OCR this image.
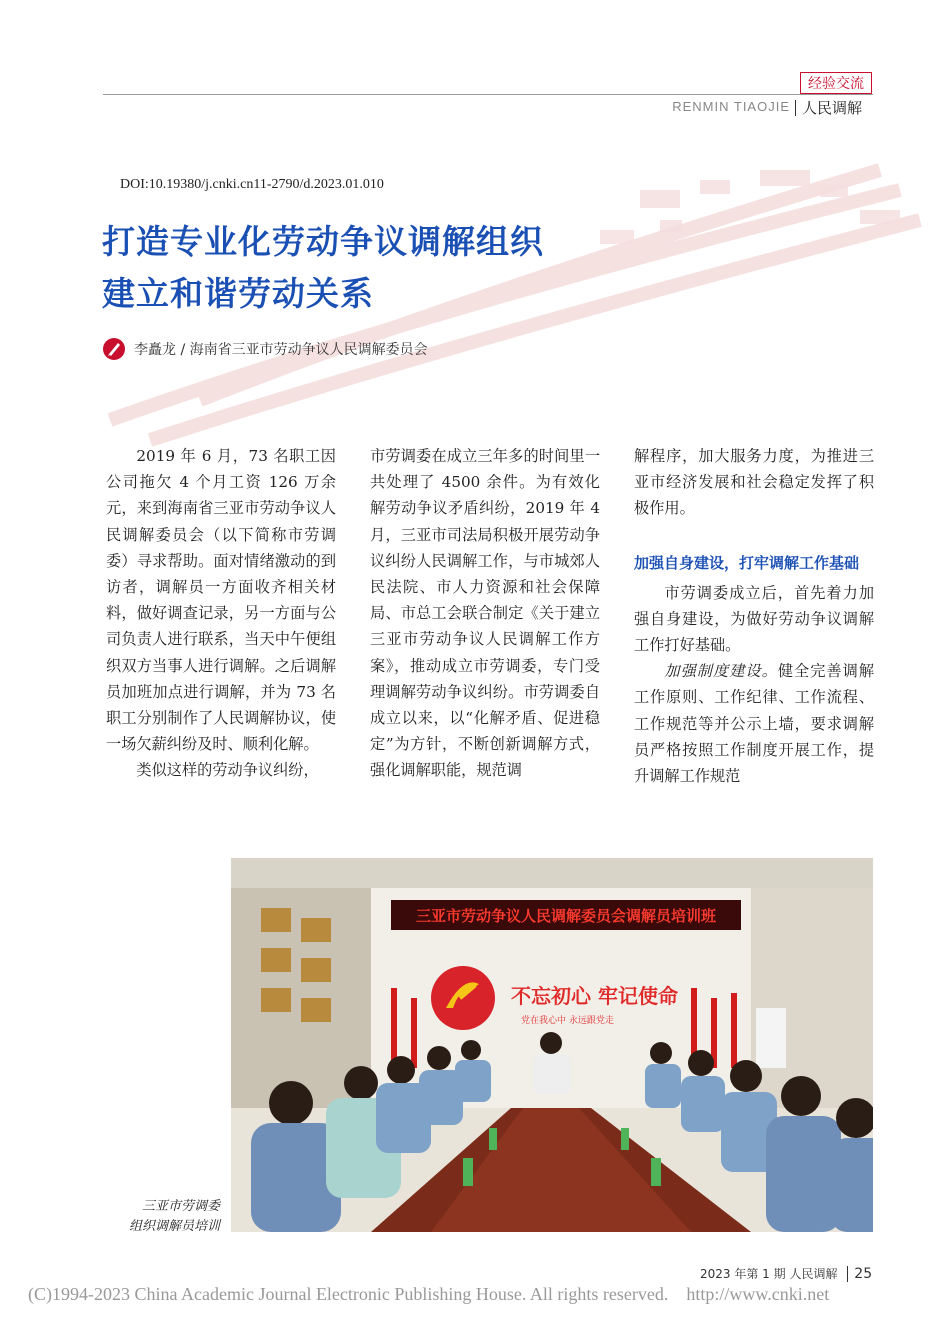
经验交流
RENMIN TIAOJIE 人民调解
DOI:10.19380/j.cnki.cn11-2790/d.2023.01.010
打造专业化劳动争议调解组织
建立和谐劳动关系
李矗龙 / 海南省三亚市劳动争议人民调解委员会

2019 年 6 月，73 名职工因公司拖欠 4 个月工资 126 万余元，来到海南省三亚市劳动争议人民调解委员会（以下简称市劳调委）寻求帮助。面对情绪激动的到访者，调解员一方面收齐相关材料，做好调查记录，另一方面与公司负责人进行联系，当天中午便组织双方当事人进行调解。之后调解员加班加点进行调解，并为 73 名职工分别制作了人民调解协议，使一场欠薪纠纷及时、顺利化解。

类似这样的劳动争议纠纷，

市劳调委在成立三年多的时间里一共处理了 4500 余件。为有效化解劳动争议矛盾纠纷，2019 年 4 月，三亚市司法局积极开展劳动争议纠纷人民调解工作，与市城郊人民法院、市人力资源和社会保障局、市总工会联合制定《关于建立三亚市劳动争议人民调解工作方案》，推动成立市劳调委，专门受理调解劳动争议纠纷。市劳调委自成立以来，以“化解矛盾、促进稳定”为方针，不断创新调解方式，强化调解职能，规范调

解程序，加大服务力度，为推进三亚市经济发展和社会稳定发挥了积极作用。

加强自身建设，打牢调解工作基础

市劳调委成立后，首先着力加强自身建设，为做好劳动争议调解工作打好基础。

加强制度建设。健全完善调解工作原则、工作纪律、工作流程、工作规范等并公示上墙，要求调解员严格按照工作制度开展工作，提升调解工作规范

三亚市劳动争议人民调解委员会调解员培训班
不忘初心 牢记使命
党在我心中 永远跟党走
三亚市劳调委
组织调解员培训
2023 年第 1 期 人民调解 25
(C)1994-2023 China Academic Journal Electronic Publishing House. All rights reserved.    http://www.cnki.net
